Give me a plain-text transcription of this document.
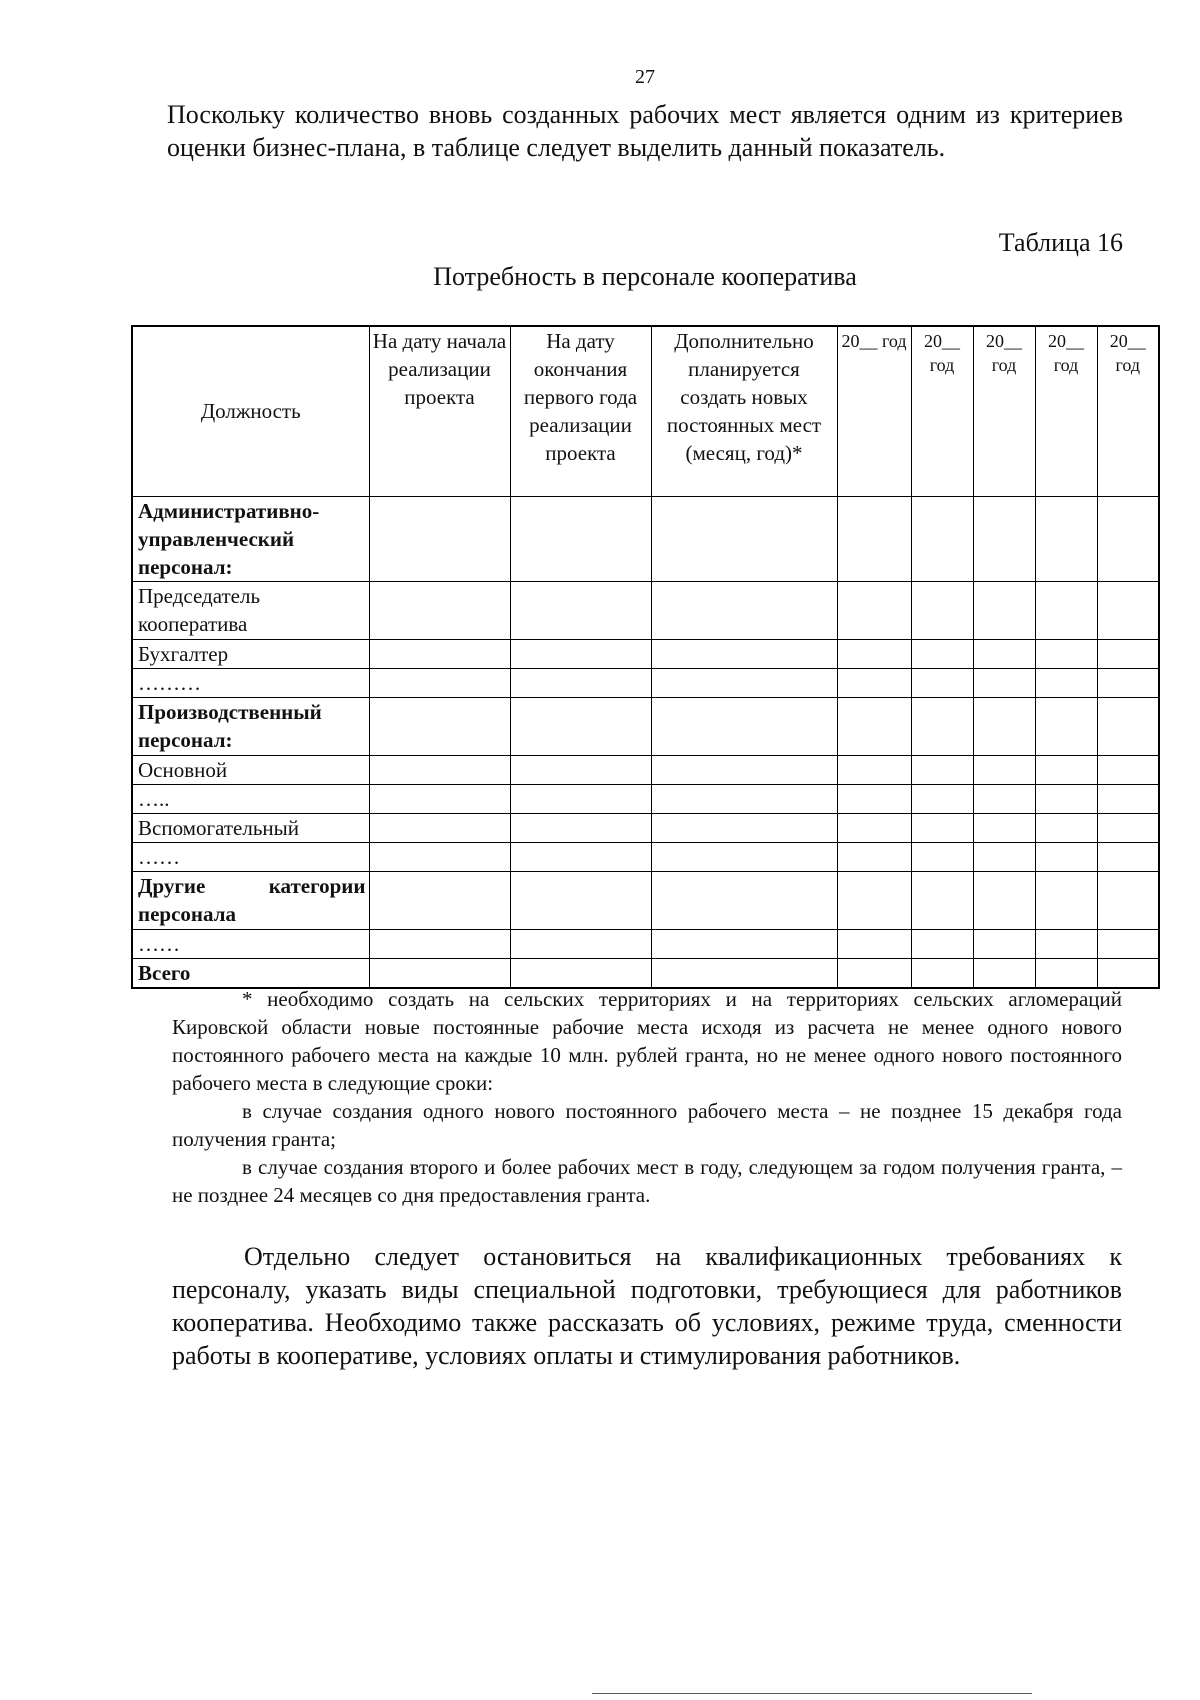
27

Поскольку количество вновь созданных рабочих мест является одним из критериев оценки бизнес-плана, в таблице следует выделить данный показатель.

Таблица 16

Потребность в персонале кооператива

Должность	На дату начала реализации проекта	На дату окончания первого года реализации проекта	Дополнительно планируется создать новых постоянных мест (месяц, год)*	20__ год	20__ год	20__ год	20__ год	20__ год
Административно-управленческий персонал:								
Председатель кооператива								
Бухгалтер								
………								
Производственный персонал:								
Основной								
…..								
Вспомогательный								
……								
Другие категории персонала								
……								
Всего								

* необходимо создать на сельских территориях и на территориях сельских агломераций Кировской области новые постоянные рабочие места исходя из расчета не менее одного нового постоянного рабочего места на каждые 10 млн. рублей гранта, но не менее одного нового постоянного рабочего места в следующие сроки:

в случае создания одного нового постоянного рабочего места – не позднее 15 декабря года получения гранта;

в случае создания второго и более рабочих мест в году, следующем за годом получения гранта, – не позднее 24 месяцев со дня предоставления гранта.

Отдельно следует остановиться на квалификационных требованиях к персоналу, указать виды специальной подготовки, требующиеся для работников кооператива. Необходимо также рассказать об условиях, режиме труда, сменности работы в кооперативе, условиях оплаты и стимулирования работников.
